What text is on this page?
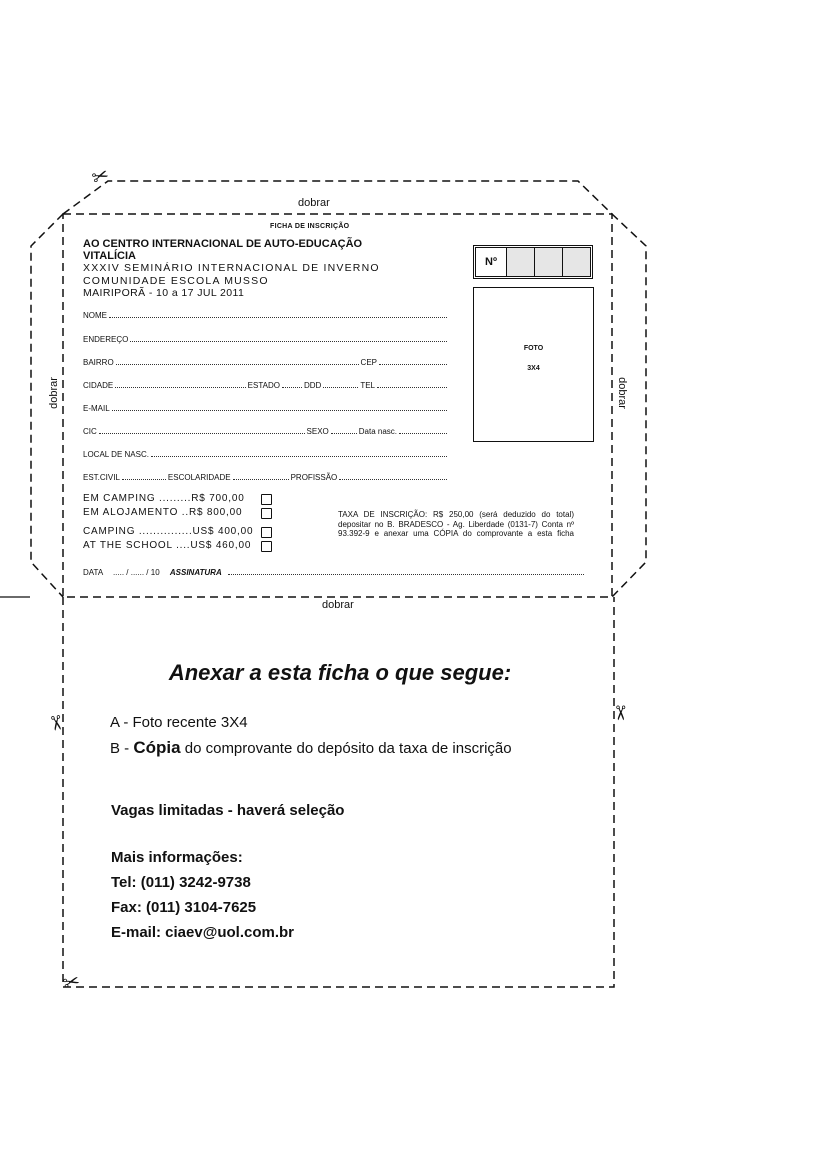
✂
✂	✂
✂
dobrar
dobrar
dobrar	dobrar
FICHA DE INSCRIÇÃO
AO CENTRO INTERNACIONAL DE AUTO-EDUCAÇÃO
VITALÍCIA
XXXIV SEMINÁRIO INTERNACIONAL DE INVERNO
COMUNIDADE ESCOLA MUSSO
MAIRIPORÃ - 10 a 17 JUL 2011
Nº
FOTO
3X4
NOME
ENDEREÇO
BAIRRO	CEP
CIDADE	ESTADO	DDD	TEL
E-MAIL
CIC	SEXO	Data nasc.
LOCAL DE NASC.
EST.CIVIL	ESCOLARIDADE	PROFISSÃO
EM CAMPING .........R$ 700,00
EM ALOJAMENTO ..R$ 800,00
CAMPING ...............US$ 400,00
AT THE SCHOOL ....US$ 460,00
TAXA DE INSCRIÇÃO: R$ 250,00 (será deduzido do total) depositar no B. BRADESCO - Ag. Liberdade (0131-7) Conta nº 93.392-9 e anexar uma CÓPIA do comprovante a esta ficha
DATA ..... / ...... / 10 ASSINATURA
Anexar a esta ficha o que segue:
A - Foto recente 3X4
B - Cópia do comprovante do depósito da taxa de inscrição
Vagas limitadas - haverá seleção
Mais informações:
Tel: (011) 3242-9738
Fax: (011) 3104-7625
E-mail: ciaev@uol.com.br
